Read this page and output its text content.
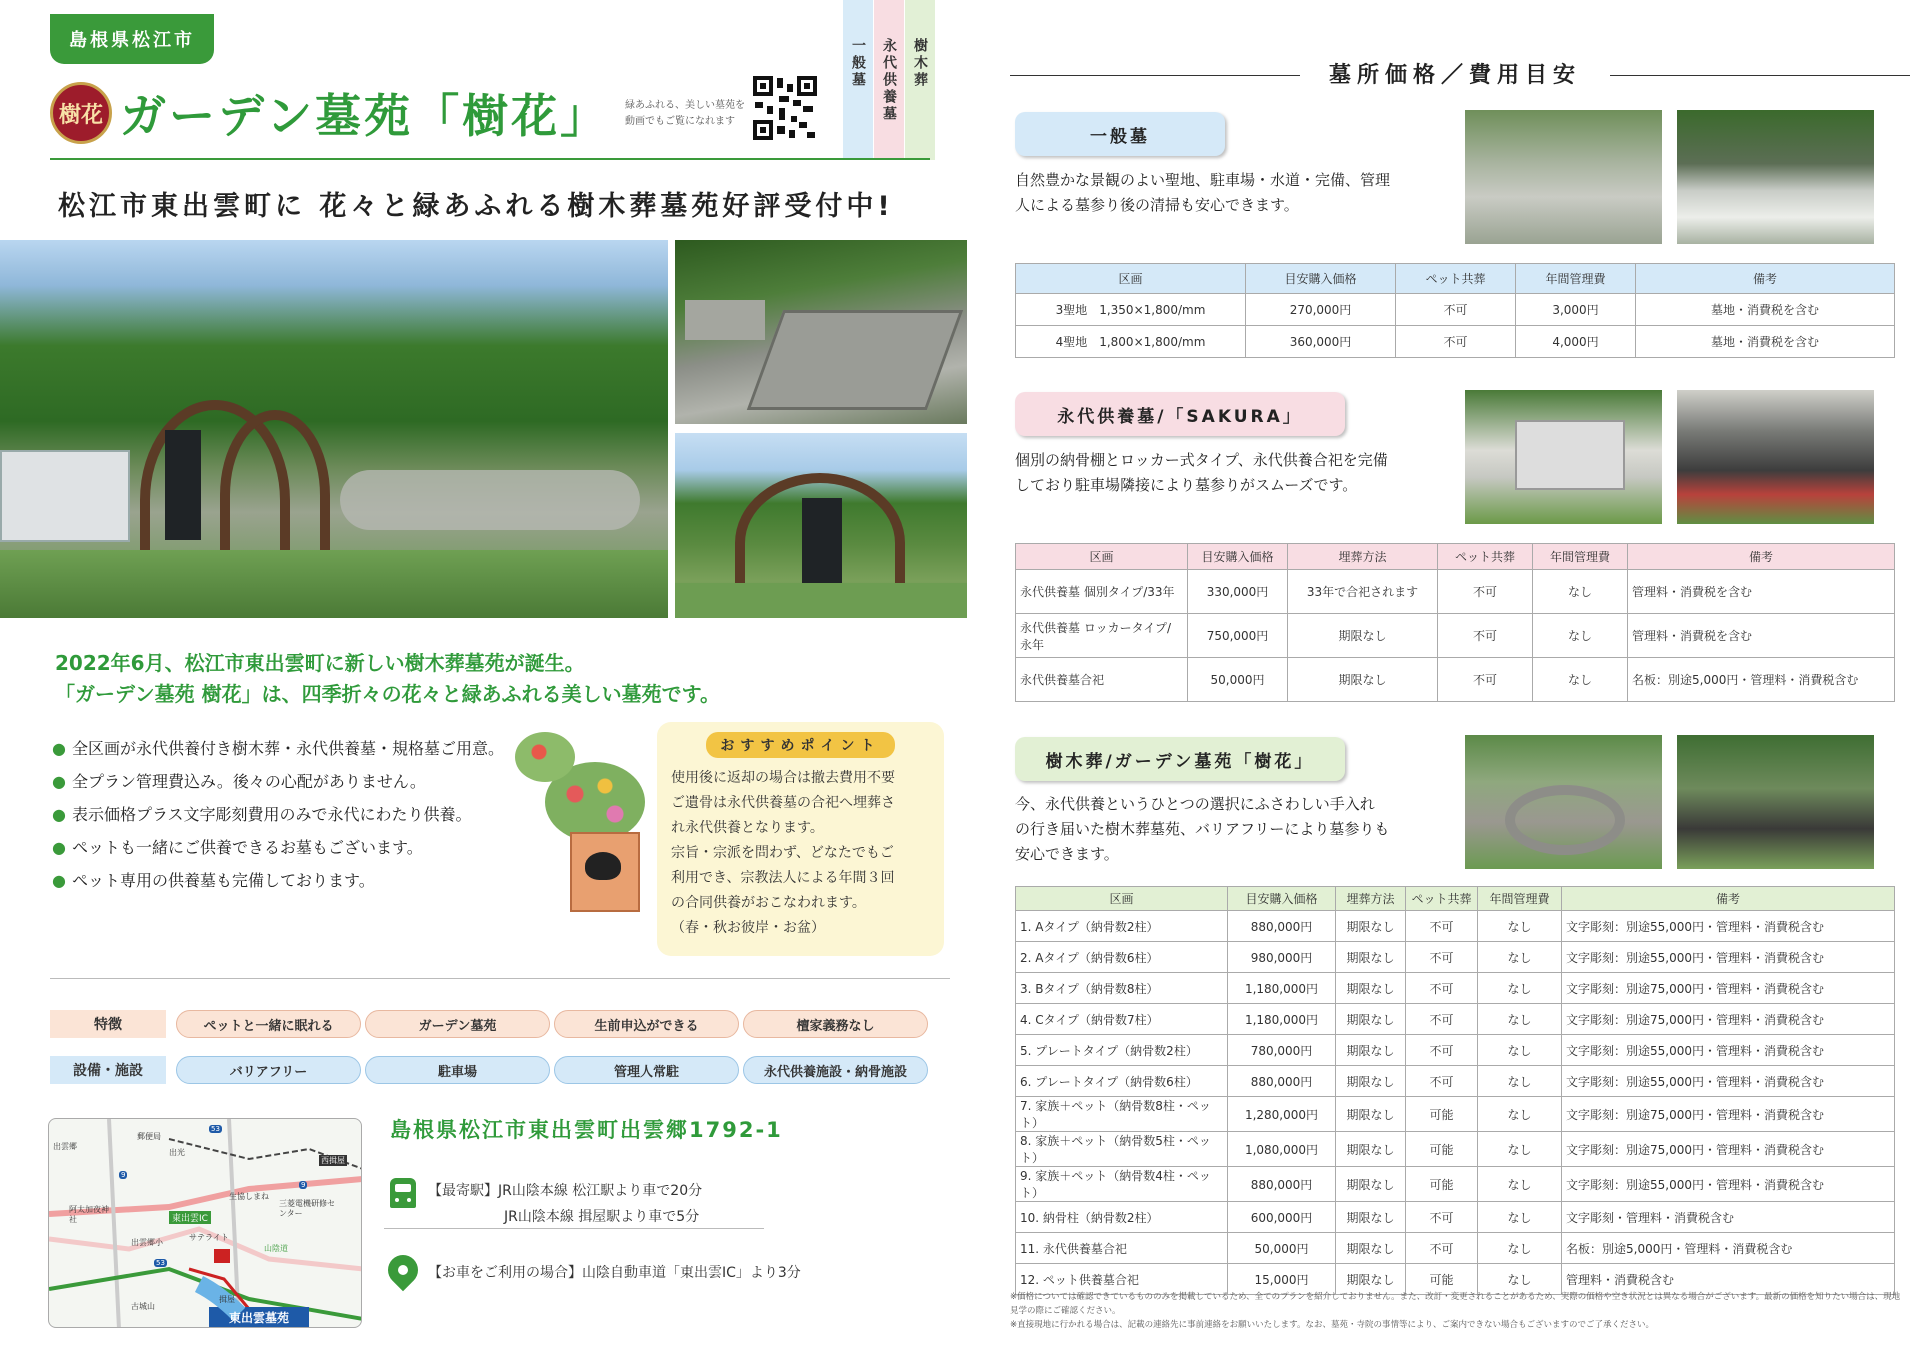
島根県松江市
樹花 ガーデン墓苑「樹花」 緑あふれる、美しい墓苑を動画でもご覧になれます
一般墓 永代供養墓 樹木葬
松江市東出雲町に 花々と緑あふれる樹木葬墓苑好評受付中!
2022年6月、松江市東出雲町に新しい樹木葬墓苑が誕生。
「ガーデン墓苑 樹花」は、四季折々の花々と緑あふれる美しい墓苑です。
● 全区画が永代供養付き樹木葬・永代供養墓・規格墓ご用意。
● 全プラン管理費込み。後々の心配がありません。
● 表示価格プラス文字彫刻費用のみで永代にわたり供養。
● ペットも一緒にご供養できるお墓もございます。
● ペット専用の供養墓も完備しております。
おすすめポイント
使用後に返却の場合は撤去費用不要
ご遺骨は永代供養墓の合祀へ埋葬さ
れ永代供養となります。
宗旨・宗派を問わず、どなたでもご
利用でき、宗教法人による年間３回
の合同供養がおこなわれます。
（春・秋お彼岸・お盆）
特徴	ペットと一緒に眠れる	ガーデン墓苑	生前申込ができる	檀家義務なし
設備・施設	バリアフリー	駐車場	管理人常駐	永代供養施設・納骨施設
郵便局
出雲郷
阿太加夜神社
出光
生協しまね
東出雲IC
サテライト
出雲郷小
三菱電機研修センター
西揖屋
山陰道
古城山
揖屋
9
53
53
9
東出雲墓苑
島根県松江市東出雲町出雲郷1792-1
【最寄駅】JR山陰本線 松江駅より車で20分
JR山陰本線 揖屋駅より車で5分
【お車をご利用の場合】山陰自動車道「東出雲IC」より3分
墓所価格／費用目安
一般墓
自然豊かな景観のよい聖地、駐車場・水道・完備、管理
人による墓参り後の清掃も安心できます。
区画	目安購入価格	ペット共葬	年間管理費	備考
3聖地　1,350×1,800/mm	270,000円	不可	3,000円	墓地・消費税を含む
4聖地　1,800×1,800/mm	360,000円	不可	4,000円	墓地・消費税を含む
永代供養墓/「SAKURA」
個別の納骨棚とロッカー式タイプ、永代供養合祀を完備
しており駐車場隣接により墓参りがスムーズです。
区画	目安購入価格	埋葬方法	ペット共葬	年間管理費	備考
永代供養墓 個別タイプ/33年	330,000円	33年で合祀されます	不可	なし	管理料・消費税を含む
永代供養墓 ロッカータイプ/永年	750,000円	期限なし	不可	なし	管理料・消費税を含む
永代供養墓合祀	50,000円	期限なし	不可	なし	名板：別途5,000円・管理料・消費税含む
樹木葬/ガーデン墓苑「樹花」
今、永代供養というひとつの選択にふさわしい手入れ
の行き届いた樹木葬墓苑、バリアフリーにより墓参りも
安心できます。
区画	目安購入価格	埋葬方法	ペット共葬	年間管理費	備考
1. Aタイプ（納骨数2柱）	880,000円	期限なし	不可	なし	文字彫刻：別途55,000円・管理料・消費税含む
2. Aタイプ（納骨数6柱）	980,000円	期限なし	不可	なし	文字彫刻：別途55,000円・管理料・消費税含む
3. Bタイプ（納骨数8柱）	1,180,000円	期限なし	不可	なし	文字彫刻：別途75,000円・管理料・消費税含む
4. Cタイプ（納骨数7柱）	1,180,000円	期限なし	不可	なし	文字彫刻：別途75,000円・管理料・消費税含む
5. プレートタイプ（納骨数2柱）	780,000円	期限なし	不可	なし	文字彫刻：別途55,000円・管理料・消費税含む
6. プレートタイプ（納骨数6柱）	880,000円	期限なし	不可	なし	文字彫刻：別途55,000円・管理料・消費税含む
7. 家族＋ペット（納骨数8柱・ペット）	1,280,000円	期限なし	可能	なし	文字彫刻：別途75,000円・管理料・消費税含む
8. 家族＋ペット（納骨数5柱・ペット）	1,080,000円	期限なし	可能	なし	文字彫刻：別途75,000円・管理料・消費税含む
9. 家族＋ペット（納骨数4柱・ペット）	880,000円	期限なし	可能	なし	文字彫刻：別途55,000円・管理料・消費税含む
10. 納骨柱（納骨数2柱）	600,000円	期限なし	不可	なし	文字彫刻・管理料・消費税含む
11. 永代供養墓合祀	50,000円	期限なし	不可	なし	名板：別途5,000円・管理料・消費税含む
12. ペット供養墓合祀	15,000円	期限なし	可能	なし	管理料・消費税含む
※価格については確認できているもののみを掲載しているため、全てのプランを紹介しておりません。また、改訂・変更されることがあるため、実際の価格や空き状況とは異なる場合がございます。最新の価格を知りたい場合は、現地見学の際にご確認ください。
※直接現地に行かれる場合は、記載の連絡先に事前連絡をお願いいたします。なお、墓苑・寺院の事情等により、ご案内できない場合もございますのでご了承ください。
